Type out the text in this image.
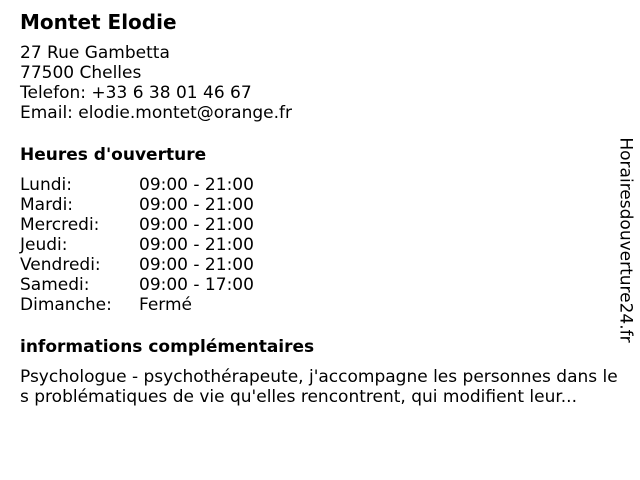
Montet Elodie
27 Rue Gambetta
77500 Chelles
Telefon: +33 6 38 01 46 67
Email: elodie.montet@orange.fr
Heures d'ouverture
Lundi:	09:00 - 21:00
Mardi:	09:00 - 21:00
Mercredi:	09:00 - 21:00
Jeudi:	09:00 - 21:00
Vendredi:	09:00 - 21:00
Samedi:	09:00 - 17:00
Dimanche:	Fermé
informations complémentaires
Psychologue - psychothérapeute, j'accompagne les personnes dans les problématiques de vie qu'elles rencontrent, qui modifient leur...
Horairesdouverture24.fr
